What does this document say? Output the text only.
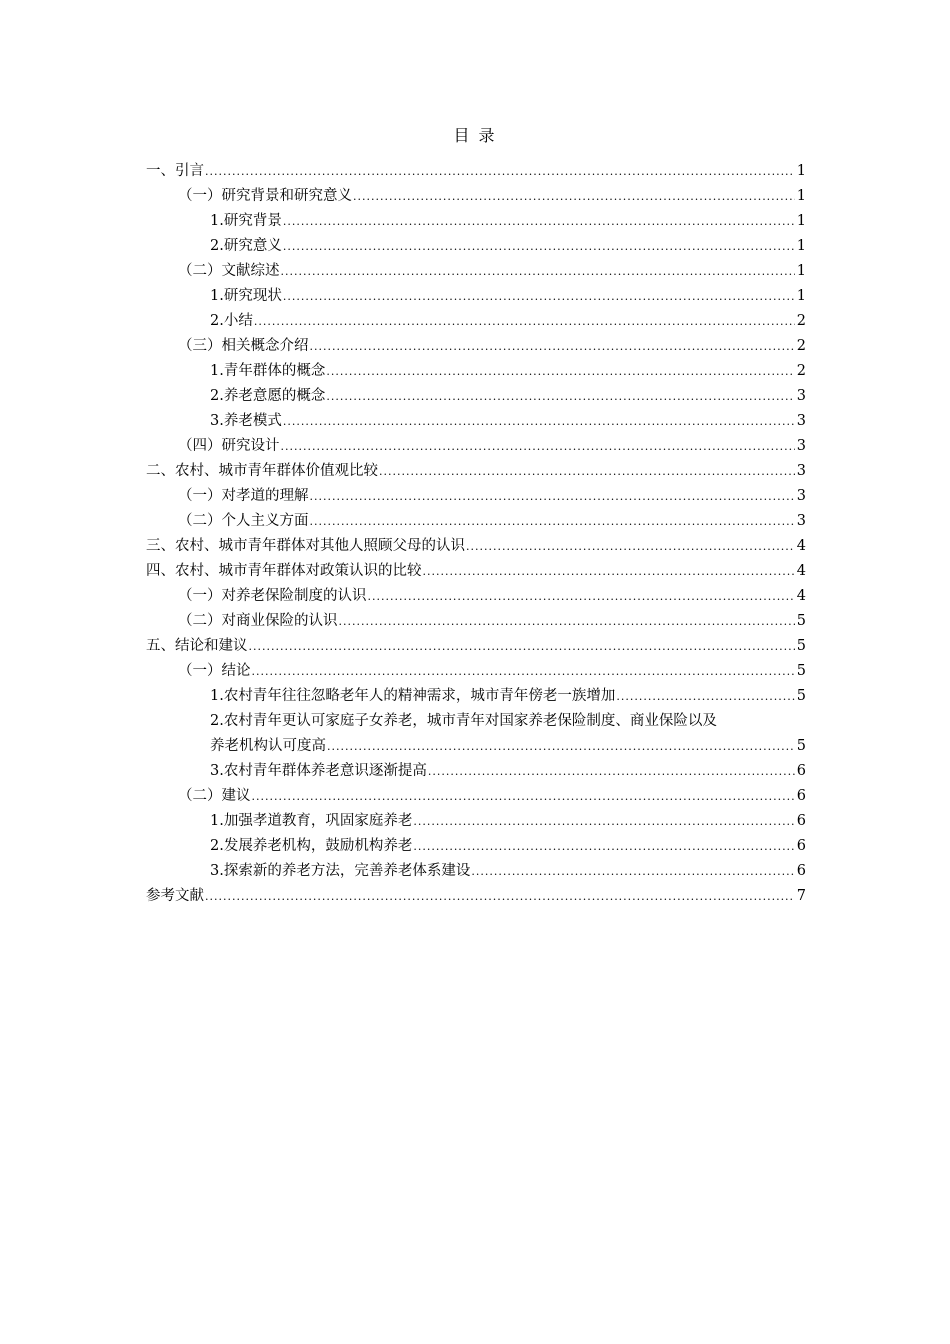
目 录
一、引言 .....	1
（一）研究背景和研究意义 .....	1
1.研究背景 .....	1
2.研究意义 .....	1
（二）文献综述 .....	1
1.研究现状 .....	1
2.小结 .....	2
（三）相关概念介绍 .....	2
1.青年群体的概念 .....	2
2.养老意愿的概念 .....	3
3.养老模式 .....	3
（四）研究设计 .....	3
二、农村、城市青年群体价值观比较 .....	3
（一）对孝道的理解 .....	3
（二）个人主义方面 .....	3
三、农村、城市青年群体对其他人照顾父母的认识 .....	4
四、农村、城市青年群体对政策认识的比较 .....	4
（一）对养老保险制度的认识 .....	4
（二）对商业保险的认识 .....	5
五、结论和建议 .....	5
（一）结论 .....	5
1.农村青年往往忽略老年人的精神需求，城市青年傍老一族增加 .....	5
2.农村青年更认可家庭子女养老，城市青年对国家养老保险制度、商业保险以及
养老机构认可度高 .....	5
3.农村青年群体养老意识逐渐提高 .....	6
（二）建议 .....	6
1.加强孝道教育，巩固家庭养老 .....	6
2.发展养老机构，鼓励机构养老 .....	6
3.探索新的养老方法，完善养老体系建设 .....	6
参考文献 .....	7
